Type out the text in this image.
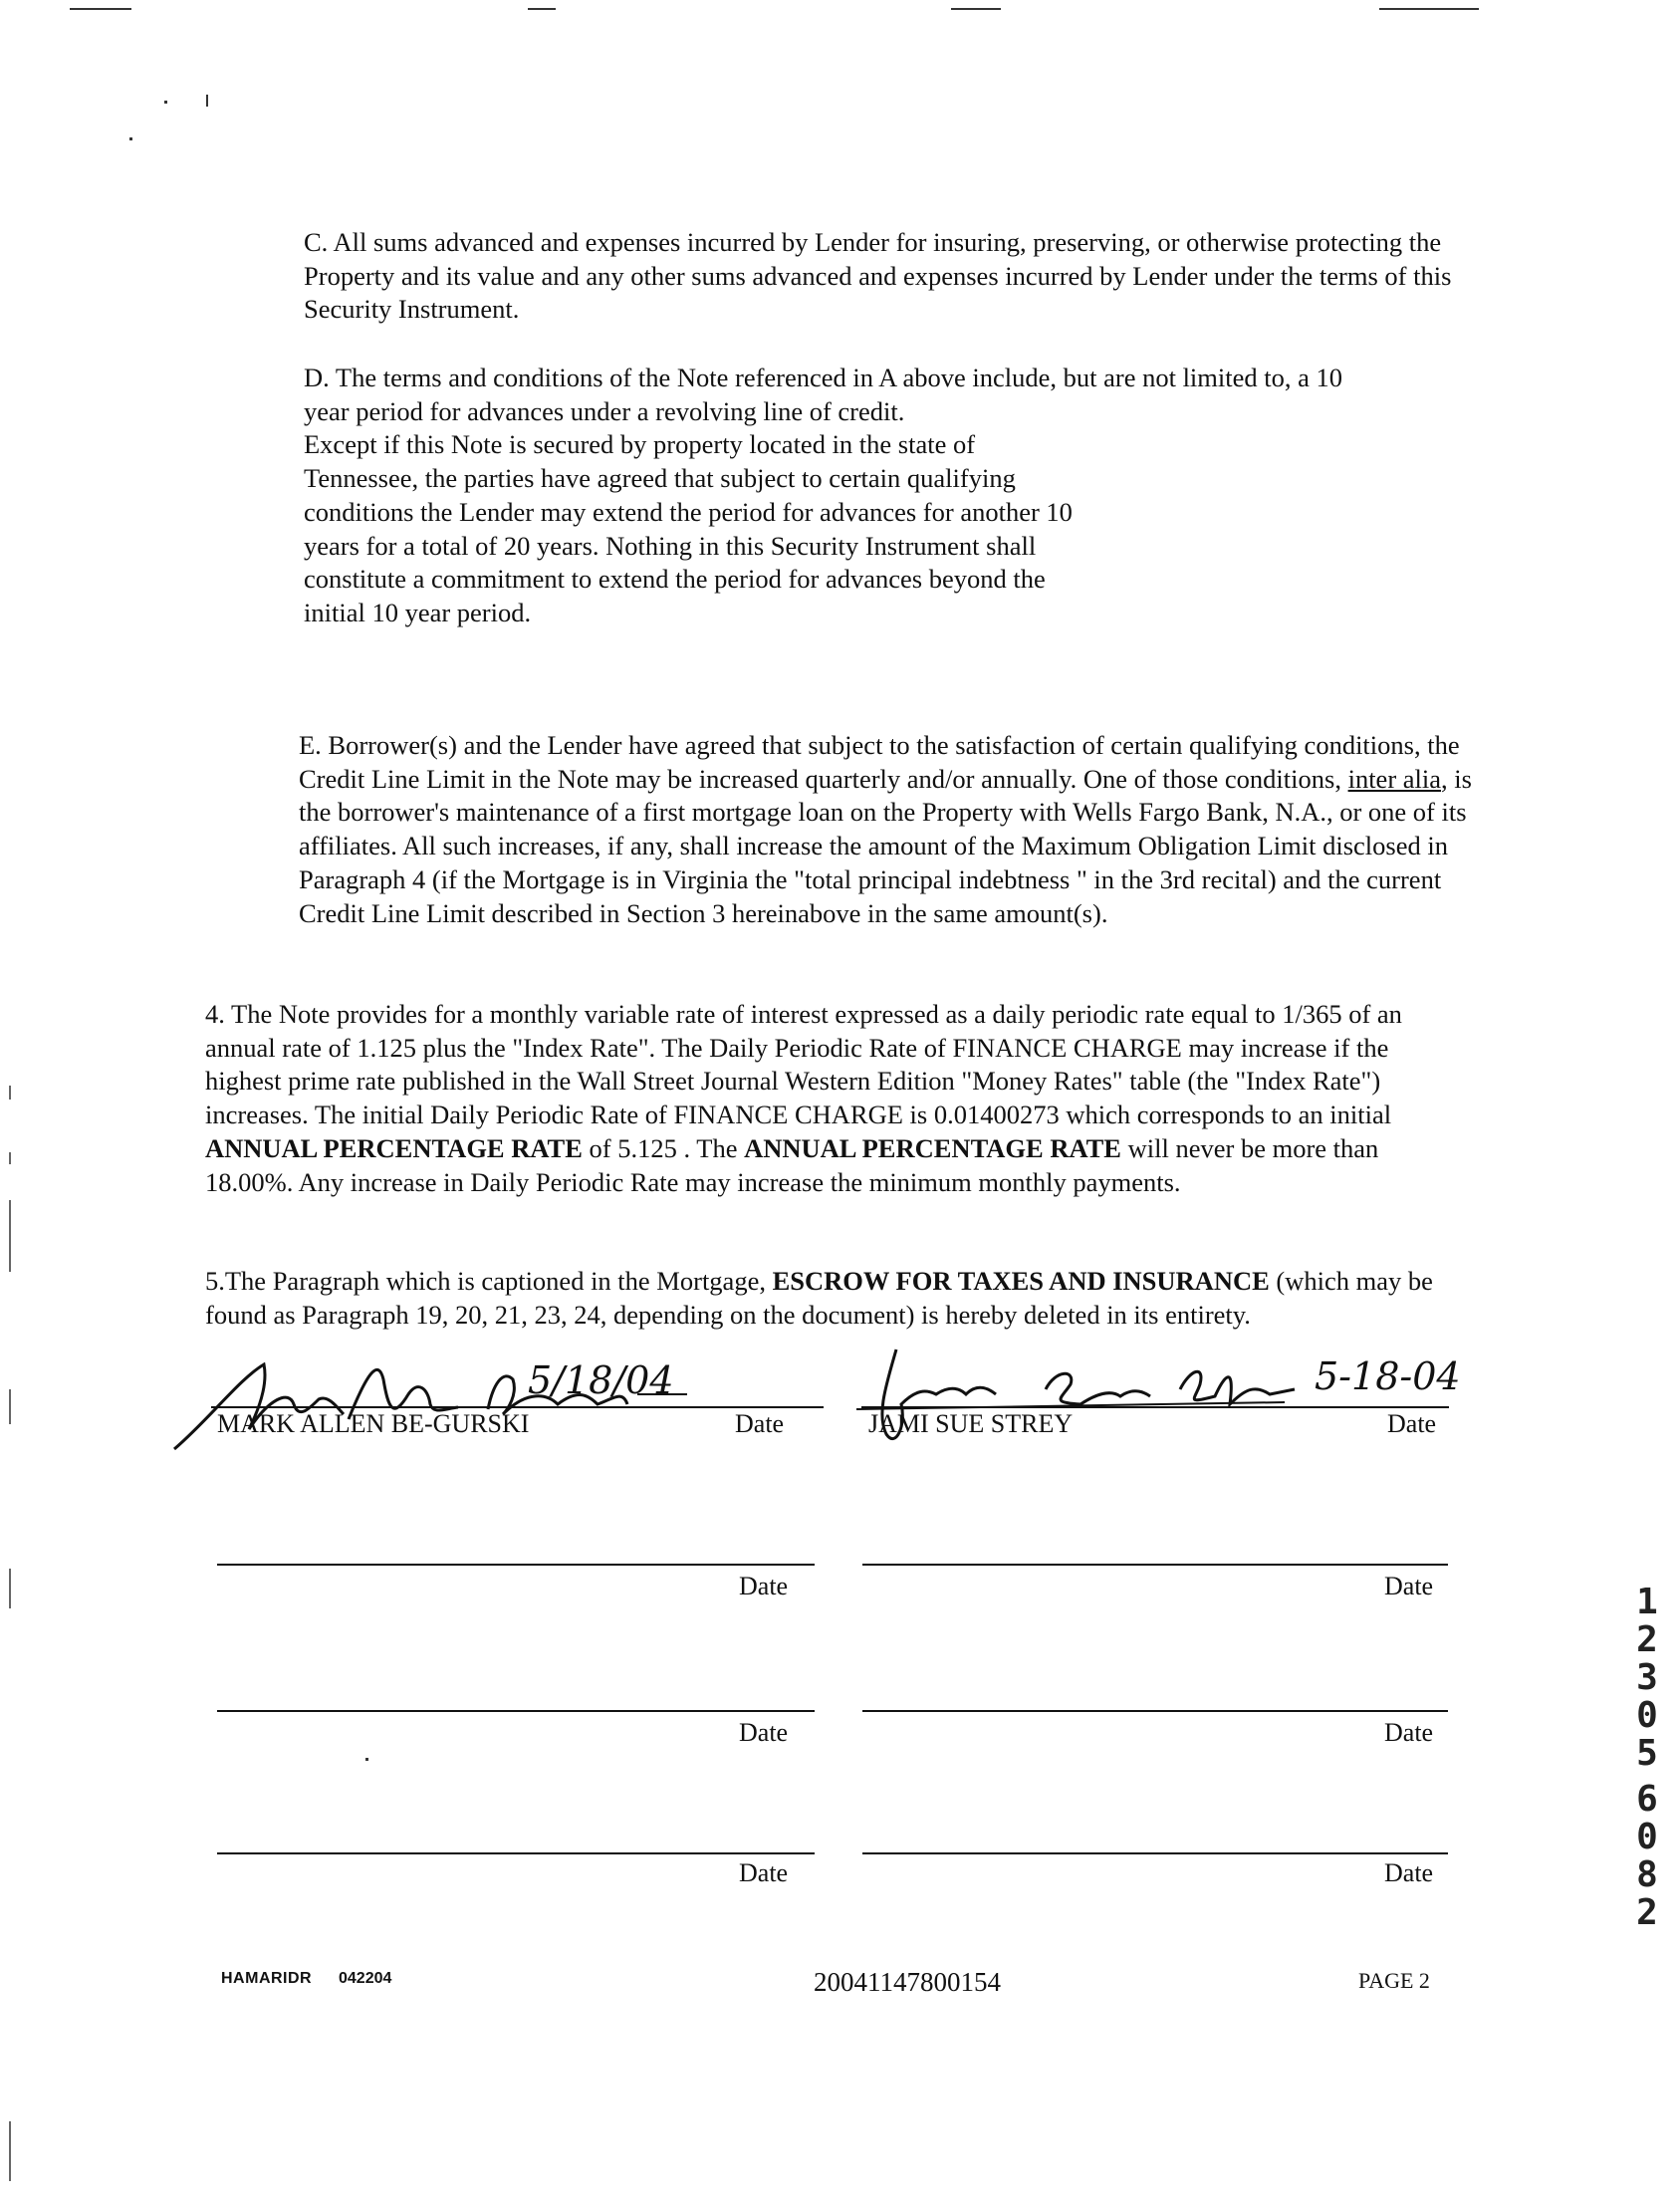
C. All sums advanced and expenses incurred by Lender for insuring, preserving, or otherwise protecting the Property and its value and any other sums advanced and expenses incurred by Lender under the terms of this Security Instrument.
D. The terms and conditions of the Note referenced in A above include, but are not limited to, a 10
year period for advances under a revolving line of credit.
Except if this Note is secured by property located in the state of
Tennessee, the parties have agreed that subject to certain qualifying
conditions the Lender may extend the period for advances for another 10
years for a total of 20 years. Nothing in this Security Instrument shall
constitute a commitment to extend the period for advances beyond the
initial 10 year period.
E. Borrower(s) and the Lender have agreed that subject to the satisfaction of certain qualifying conditions, the Credit Line Limit in the Note may be increased quarterly and/or annually. One of those conditions, inter alia, is the borrower's maintenance of a first mortgage loan on the Property with Wells Fargo Bank, N.A., or one of its affiliates. All such increases, if any, shall increase the amount of the Maximum Obligation Limit disclosed in Paragraph 4 (if the Mortgage is in Virginia the "total principal indebtness " in the 3rd recital) and the current Credit Line Limit described in Section 3 hereinabove in the same amount(s).
4. The Note provides for a monthly variable rate of interest expressed as a daily periodic rate equal to 1/365 of an annual rate of 1.125 plus the "Index Rate". The Daily Periodic Rate of FINANCE CHARGE may increase if the highest prime rate published in the Wall Street Journal Western Edition "Money Rates" table (the "Index Rate") increases. The initial Daily Periodic Rate of FINANCE CHARGE is 0.01400273 which corresponds to an initial ANNUAL PERCENTAGE RATE of 5.125 . The ANNUAL PERCENTAGE RATE will never be more than 18.00%. Any increase in Daily Periodic Rate may increase the minimum monthly payments.
5.The Paragraph which is captioned in the Mortgage, ESCROW FOR TAXES AND INSURANCE (which may be found as Paragraph 19, 20, 21, 23, 24, depending on the document) is hereby deleted in its entirety.
5/18/04
MARK ALLEN BE-GURSKI	Date
5-18-04
JAMI SUE STREY	Date
Date	Date
Date	Date
Date	Date
HAMARIDR 042204	20041147800154	PAGE 2
1
2
3
0
5
6
0
8
2
